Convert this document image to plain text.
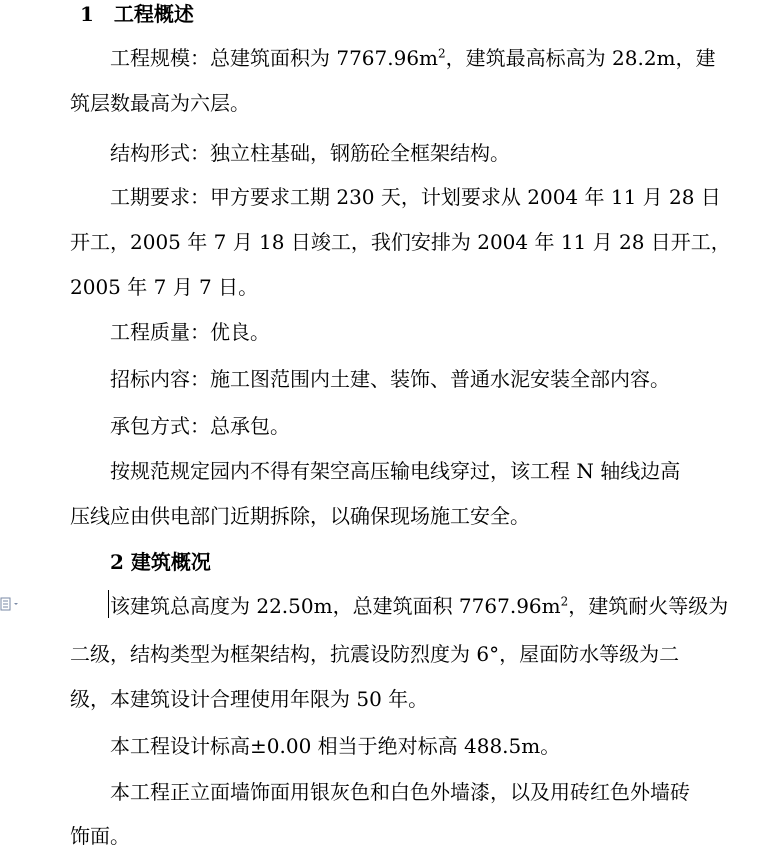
1　工程概述
工程规模：总建筑面积为 $7767.96m^2$，建筑最高标高为 28.2m，建
筑层数最高为六层。
结构形式：独立柱基础，钢筋砼全框架结构。
工期要求：甲方要求工期 230 天，计划要求从 2004 年 11 月 28 日
开工，2005 年 7 月 18 日竣工，我们安排为 2004 年 11 月 28 日开工，
2005 年 7 月 7 日。
工程质量：优良。
招标内容：施工图范围内土建、装饰、普通水泥安装全部内容。
承包方式：总承包。
按规范规定园内不得有架空高压输电线穿过，该工程 N 轴线边高
压线应由供电部门近期拆除，以确保现场施工安全。
2 建筑概况
该建筑总高度为 22.50m，总建筑面积 $7767.96m^2$，建筑耐火等级为
二级，结构类型为框架结构，抗震设防烈度为 6°，屋面防水等级为二
级，本建筑设计合理使用年限为 50 年。
本工程设计标高±0.00 相当于绝对标高 488.5m。
本工程正立面墙饰面用银灰色和白色外墙漆，以及用砖红色外墙砖
饰面。
